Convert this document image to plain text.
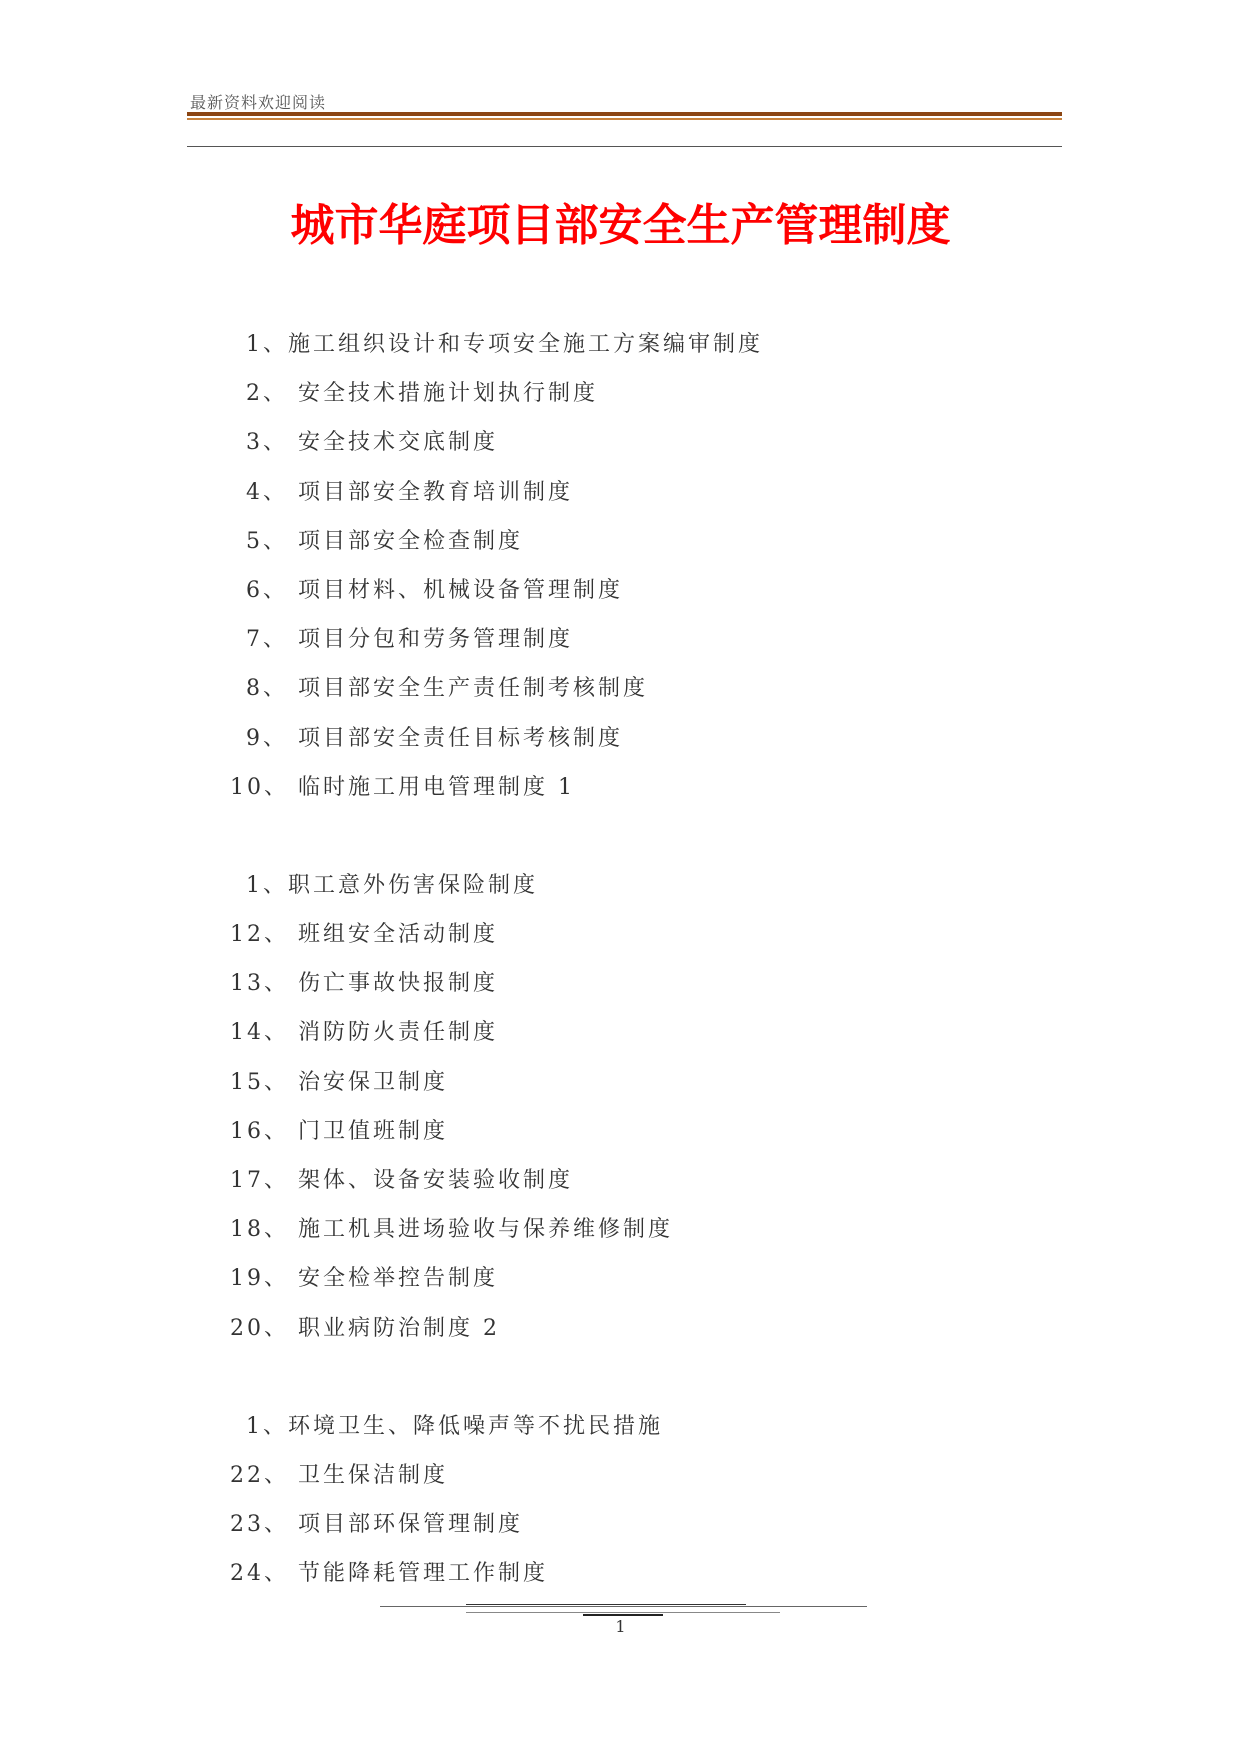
最新资料欢迎阅读
城市华庭项目部安全生产管理制度
1、 施工组织设计和专项安全施工方案编审制度
2、 安全技术措施计划执行制度
3、 安全技术交底制度
4、 项目部安全教育培训制度
5、 项目部安全检查制度
6、 项目材料、机械设备管理制度
7、 项目分包和劳务管理制度
8、 项目部安全生产责任制考核制度
9、 项目部安全责任目标考核制度
10、 临时施工用电管理制度 1
1、 职工意外伤害保险制度
12、 班组安全活动制度
13、 伤亡事故快报制度
14、 消防防火责任制度
15、 治安保卫制度
16、 门卫值班制度
17、 架体、设备安装验收制度
18、 施工机具进场验收与保养维修制度
19、 安全检举控告制度
20、 职业病防治制度 2
1、 环境卫生、降低噪声等不扰民措施
22、 卫生保洁制度
23、 项目部环保管理制度
24、 节能降耗管理工作制度
1
